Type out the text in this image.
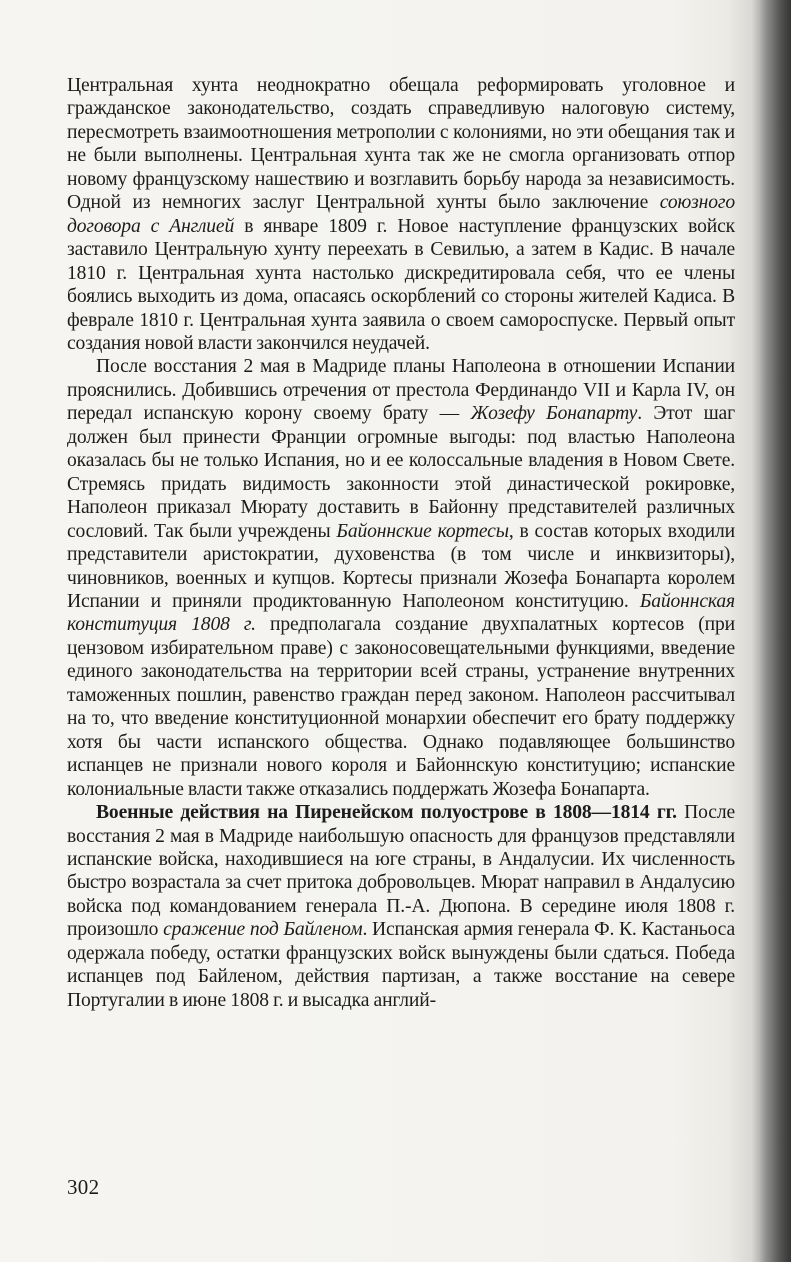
Центральная хунта неоднократно обещала реформировать уголовное и гражданское законодательство, создать справедливую налоговую систему, пересмотреть взаимоотношения метрополии с колониями, но эти обещания так и не были выполнены. Центральная хунта так же не смогла организовать отпор новому французскому нашествию и возглавить борьбу народа за независимость. Одной из немногих заслуг Центральной хунты было заключение союзного договора с Англией в январе 1809 г. Новое наступление французских войск заставило Центральную хунту переехать в Севилью, а затем в Кадис. В начале 1810 г. Центральная хунта настолько дискредитировала себя, что ее члены боялись выходить из дома, опасаясь оскорблений со стороны жителей Кадиса. В феврале 1810 г. Центральная хунта заявила о своем самороспуске. Первый опыт создания новой власти закончился неудачей.

После восстания 2 мая в Мадриде планы Наполеона в отношении Испании прояснились. Добившись отречения от престола Фердинандо VII и Карла IV, он передал испанскую корону своему брату — Жозефу Бонапарту. Этот шаг должен был принести Франции огромные выгоды: под властью Наполеона оказалась бы не только Испания, но и ее колоссальные владения в Новом Свете. Стремясь придать видимость законности этой династической рокировке, Наполеон приказал Мюрату доставить в Байонну представителей различных сословий. Так были учреждены Байоннские кортесы, в состав которых входили представители аристократии, духовенства (в том числе и инквизиторы), чиновников, военных и купцов. Кортесы признали Жозефа Бонапарта королем Испании и приняли продиктованную Наполеоном конституцию. Байоннская конституция 1808 г. предполагала создание двухпалатных кортесов (при цензовом избирательном праве) с законосовещательными функциями, введение единого законодательства на территории всей страны, устранение внутренних таможенных пошлин, равенство граждан перед законом. Наполеон рассчитывал на то, что введение конституционной монархии обеспечит его брату поддержку хотя бы части испанского общества. Однако подавляющее большинство испанцев не признали нового короля и Байоннскую конституцию; испанские колониальные власти также отказались поддержать Жозефа Бонапарта.

Военные действия на Пиренейском полуострове в 1808—1814 гг. После восстания 2 мая в Мадриде наибольшую опасность для французов представляли испанские войска, находившиеся на юге страны, в Андалусии. Их численность быстро возрастала за счет притока добровольцев. Мюрат направил в Андалусию войска под командованием генерала П.-А. Дюпона. В середине июля 1808 г. произошло сражение под Байленом. Испанская армия генерала Ф. К. Кастаньоса одержала победу, остатки французских войск вынуждены были сдаться. Победа испанцев под Байленом, действия партизан, а также восстание на севере Португалии в июне 1808 г. и высадка англий-

302
